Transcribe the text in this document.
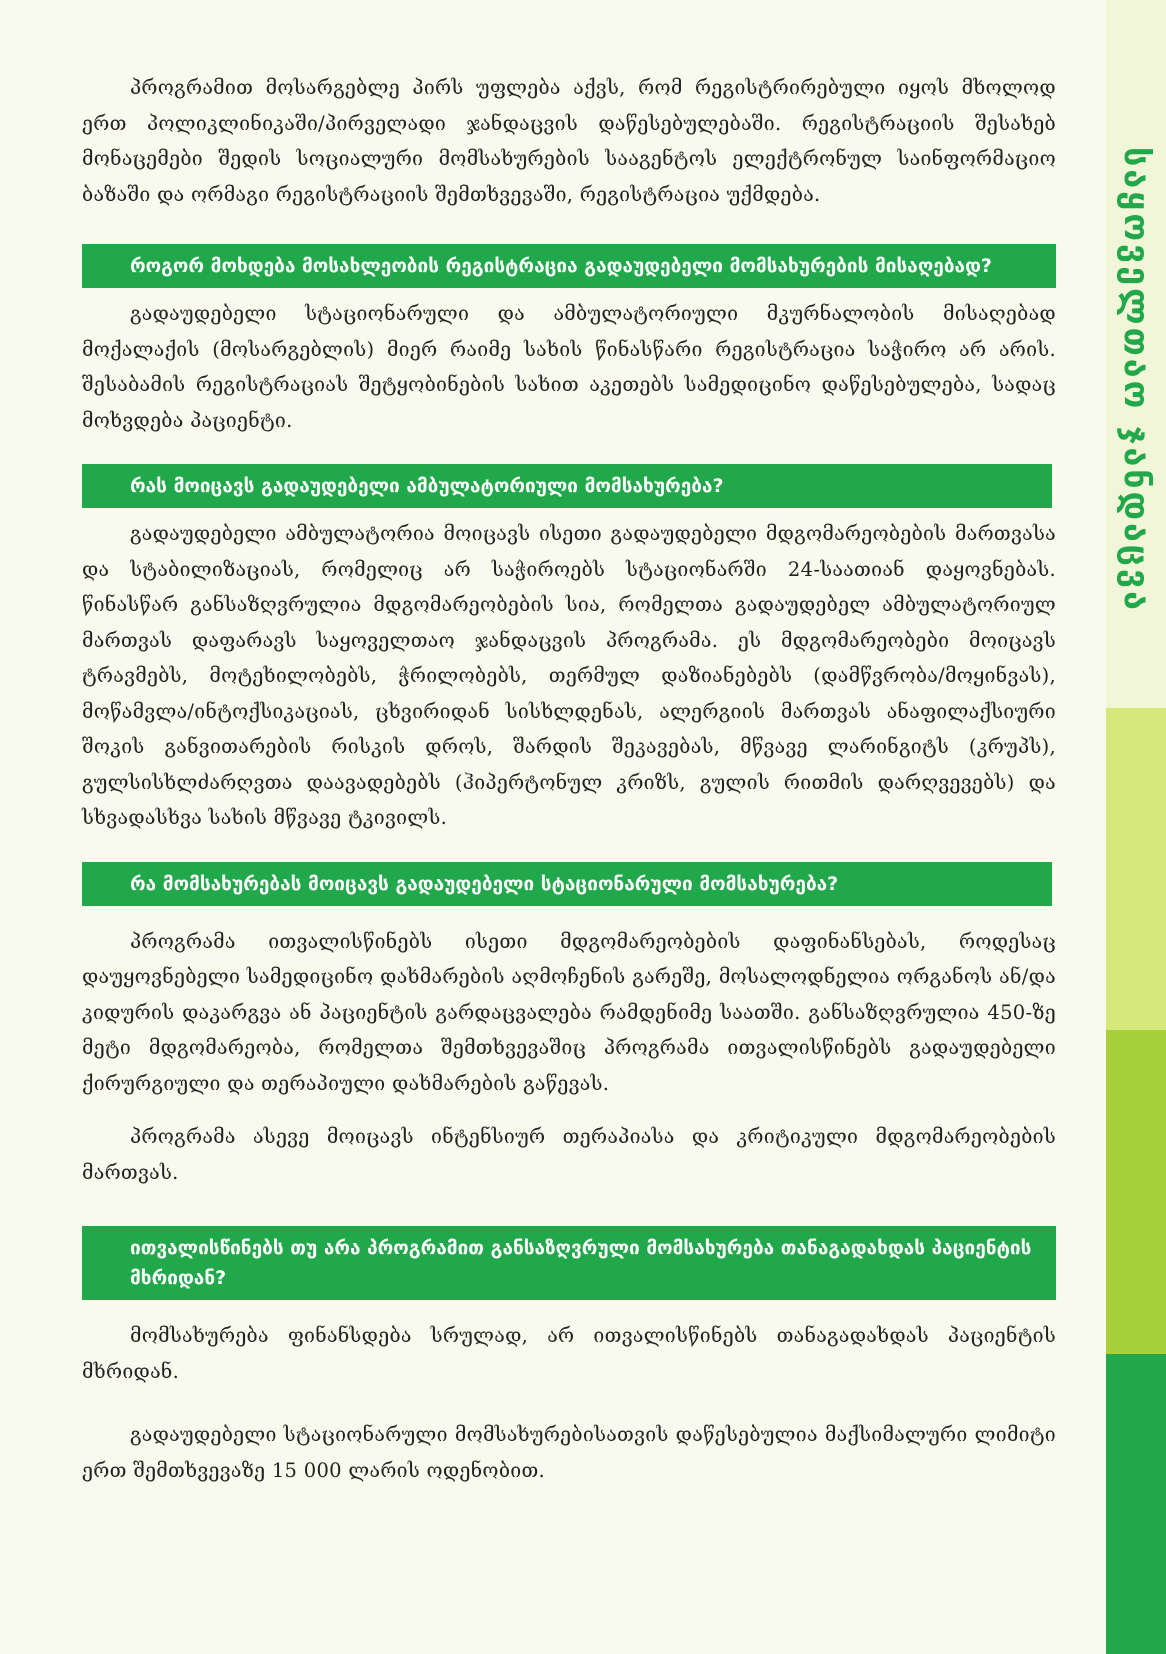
პროგრამით მოსარგებლე პირს უფლება აქვს, რომ რეგისტრირებული იყოს მხოლოდ ერთ პოლიკლინიკაში/პირველადი ჯანდაცვის დაწესებულებაში. რეგისტრაციის შესახებ მონაცემები შედის სოციალური მომსახურების სააგენტოს ელექტრონულ საინფორმაციო ბაზაში და ორმაგი რეგისტრაციის შემთხვევაში, რეგისტრაცია უქმდება.

როგორ მოხდება მოსახლეობის რეგისტრაცია გადაუდებელი მომსახურების მისაღებად?

გადაუდებელი სტაციონარული და ამბულატორიული მკურნალობის მისაღებად მოქალაქის (მოსარგებლის) მიერ რაიმე სახის წინასწარი რეგისტრაცია საჭირო არ არის. შესაბამის რეგისტრაციას შეტყობინების სახით აკეთებს სამედიცინო დაწესებულება, სადაც მოხვდება პაციენტი.

რას მოიცავს გადაუდებელი ამბულატორიული მომსახურება?

გადაუდებელი ამბულატორია მოიცავს ისეთი გადაუდებელი მდგომარეობების მართვასა და სტაბილიზაციას, რომელიც არ საჭიროებს სტაციონარში 24-საათიან დაყოვნებას. წინასწარ განსაზღვრულია მდგომარეობების სია, რომელთა გადაუდებელ ამბულატორიულ მართვას დაფარავს საყოველთაო ჯანდაცვის პროგრამა. ეს მდგომარეობები მოიცავს ტრავმებს, მოტეხილობებს, ჭრილობებს, თერმულ დაზიანებებს (დამწვრობა/მოყინვას), მოწამვლა/ინტოქსიკაციას, ცხვირიდან სისხლდენას, ალერგიის მართვას ანაფილაქსიური შოკის განვითარების რისკის დროს, შარდის შეკავებას, მწვავე ლარინგიტს (კრუპს), გულსისხლძარღვთა დაავადებებს (ჰიპერტონულ კრიზს, გულის რითმის დარღვევებს) და სხვადასხვა სახის მწვავე ტკივილს.

რა მომსახურებას მოიცავს გადაუდებელი სტაციონარული მომსახურება?

პროგრამა ითვალისწინებს ისეთი მდგომარეობების დაფინანსებას, როდესაც დაუყოვნებელი სამედიცინო დახმარების აღმოჩენის გარეშე, მოსალოდნელია ორგანოს ან/და კიდურის დაკარგვა ან პაციენტის გარდაცვალება რამდენიმე საათში. განსაზღვრულია 450-ზე მეტი მდგომარეობა, რომელთა შემთხვევაშიც პროგრამა ითვალისწინებს გადაუდებელი ქირურგიული და თერაპიული დახმარების გაწევას.

პროგრამა ასევე მოიცავს ინტენსიურ თერაპიასა და კრიტიკული მდგომარეობების მართვას.

ითვალისწინებს თუ არა პროგრამით განსაზღვრული მომსახურება თანაგადახდას პაციენტის მხრიდან?

მომსახურება ფინანსდება სრულად, არ ითვალისწინებს თანაგადახდას პაციენტის მხრიდან.

გადაუდებელი სტაციონარული მომსახურებისათვის დაწესებულია მაქსიმალური ლიმიტი ერთ შემთხვევაზე 15 000 ლარის ოდენობით.

საყოველთაო ჯანდაცვა
